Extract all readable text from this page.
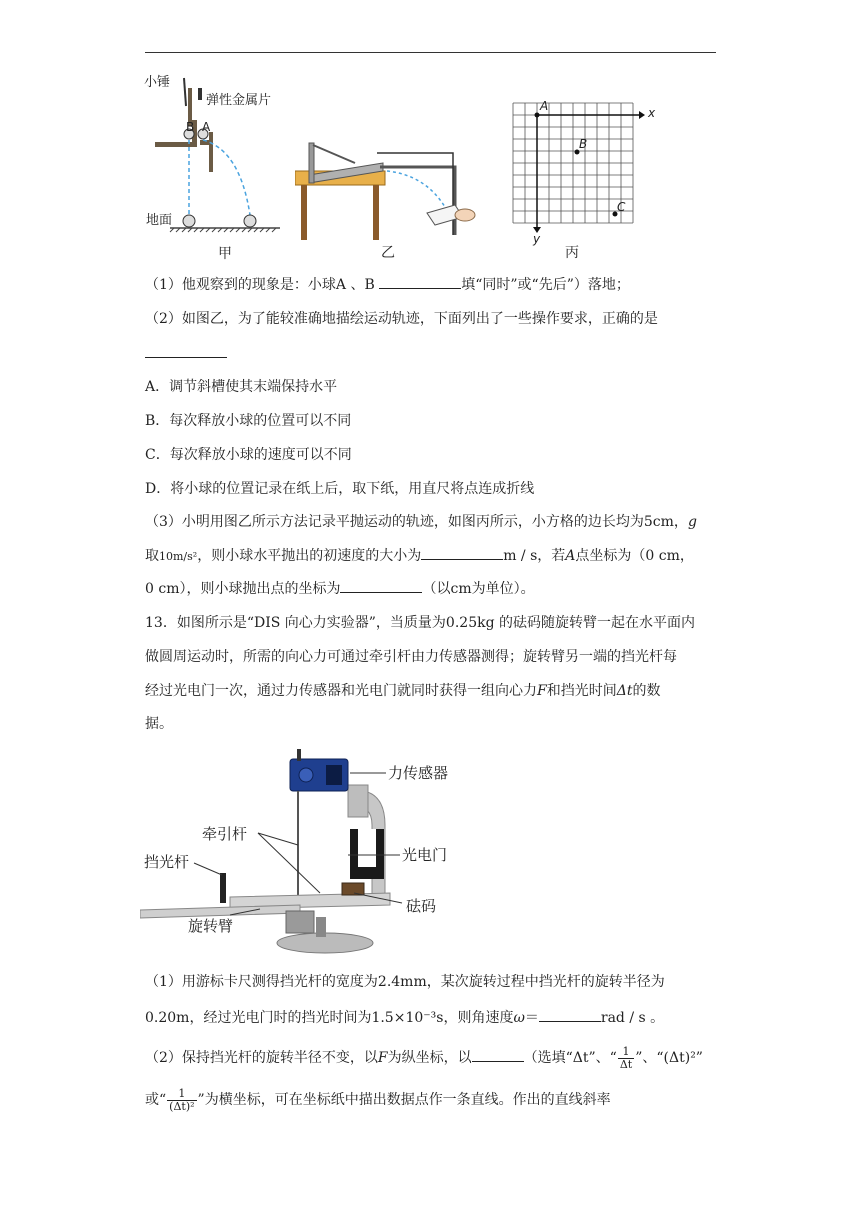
小锤
弹性金属片
B A
地面
甲	乙
A
B
C
x
y
丙
（1）他观察到的现象是：小球A 、B	填“同时”或“先后”）落地；
（2）如图乙，为了能较准确地描绘运动轨迹，下面列出了一些操作要求，正确的是
A．调节斜槽使其末端保持水平
B．每次释放小球的位置可以不同
C．每次释放小球的速度可以不同
D．将小球的位置记录在纸上后，取下纸，用直尺将点连成折线
（3）小明用图乙所示方法记录平抛运动的轨迹，如图丙所示，小方格的边长均为5cm，g
取10m/s²，则小球水平抛出的初速度的大小为	m / s，若A点坐标为（0 cm，
0 cm），则小球抛出点的坐标为	（以cm为单位）。
13．如图所示是“DIS 向心力实验器”，当质量为0.25kg 的砝码随旋转臂一起在水平面内
做圆周运动时，所需的向心力可通过牵引杆由力传感器测得；旋转臂另一端的挡光杆每
经过光电门一次，通过力传感器和光电门就同时获得一组向心力F和挡光时间Δt的数
据。
力传感器
牵引杆
光电门
挡光杆
砝码
旋转臂
（1）用游标卡尺测得挡光杆的宽度为2.4mm，某次旋转过程中挡光杆的旋转半径为
0.20m，经过光电门时的挡光时间为1.5×10⁻³s，则角速度ω＝	rad / s 。
（2）保持挡光杆的旋转半径不变，以F为纵坐标，以	（选填“Δt”、“ $\frac{1}{\Delta t}$ ”、“(Δt)²”
或“ $\frac{1}{\text{(Δt)²}}$ ”为横坐标，可在坐标纸中描出数据点作一条直线。作出的直线斜率
